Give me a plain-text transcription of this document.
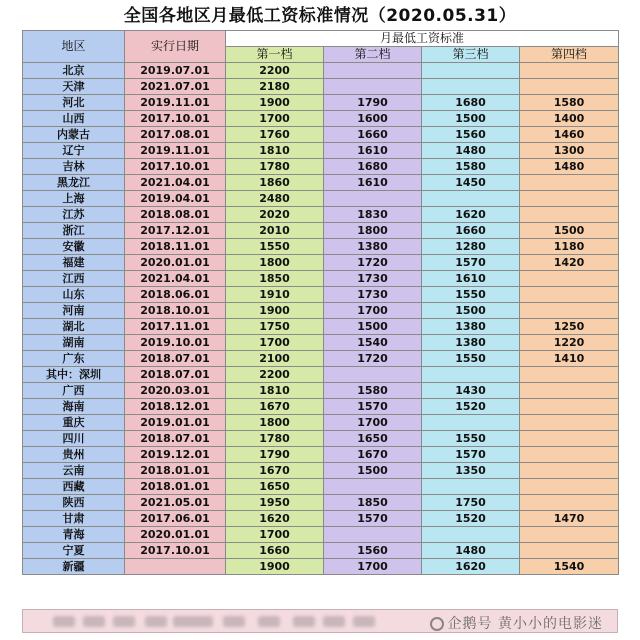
全国各地区月最低工资标准情况（2020.05.31）
地区	实行日期	月最低工资标准			
		第一档	第二档	第三档	第四档
北京	2019.07.01	2200			
天津	2021.07.01	2180			
河北	2019.11.01	1900	1790	1680	1580
山西	2017.10.01	1700	1600	1500	1400
内蒙古	2017.08.01	1760	1660	1560	1460
辽宁	2019.11.01	1810	1610	1480	1300
吉林	2017.10.01	1780	1680	1580	1480
黑龙江	2021.04.01	1860	1610	1450	
上海	2019.04.01	2480			
江苏	2018.08.01	2020	1830	1620	
浙江	2017.12.01	2010	1800	1660	1500
安徽	2018.11.01	1550	1380	1280	1180
福建	2020.01.01	1800	1720	1570	1420
江西	2021.04.01	1850	1730	1610	
山东	2018.06.01	1910	1730	1550	
河南	2018.10.01	1900	1700	1500	
湖北	2017.11.01	1750	1500	1380	1250
湖南	2019.10.01	1700	1540	1380	1220
广东	2018.07.01	2100	1720	1550	1410
其中：深圳	2018.07.01	2200			
广西	2020.03.01	1810	1580	1430	
海南	2018.12.01	1670	1570	1520	
重庆	2019.01.01	1800	1700		
四川	2018.07.01	1780	1650	1550	
贵州	2019.12.01	1790	1670	1570	
云南	2018.01.01	1670	1500	1350	
西藏	2018.01.01	1650			
陕西	2021.05.01	1950	1850	1750	
甘肃	2017.06.01	1620	1570	1520	1470
青海	2020.01.01	1700			
宁夏	2017.10.01	1660	1560	1480	
新疆		1900	1700	1620	1540
企鹅号 黄小小的电影迷
